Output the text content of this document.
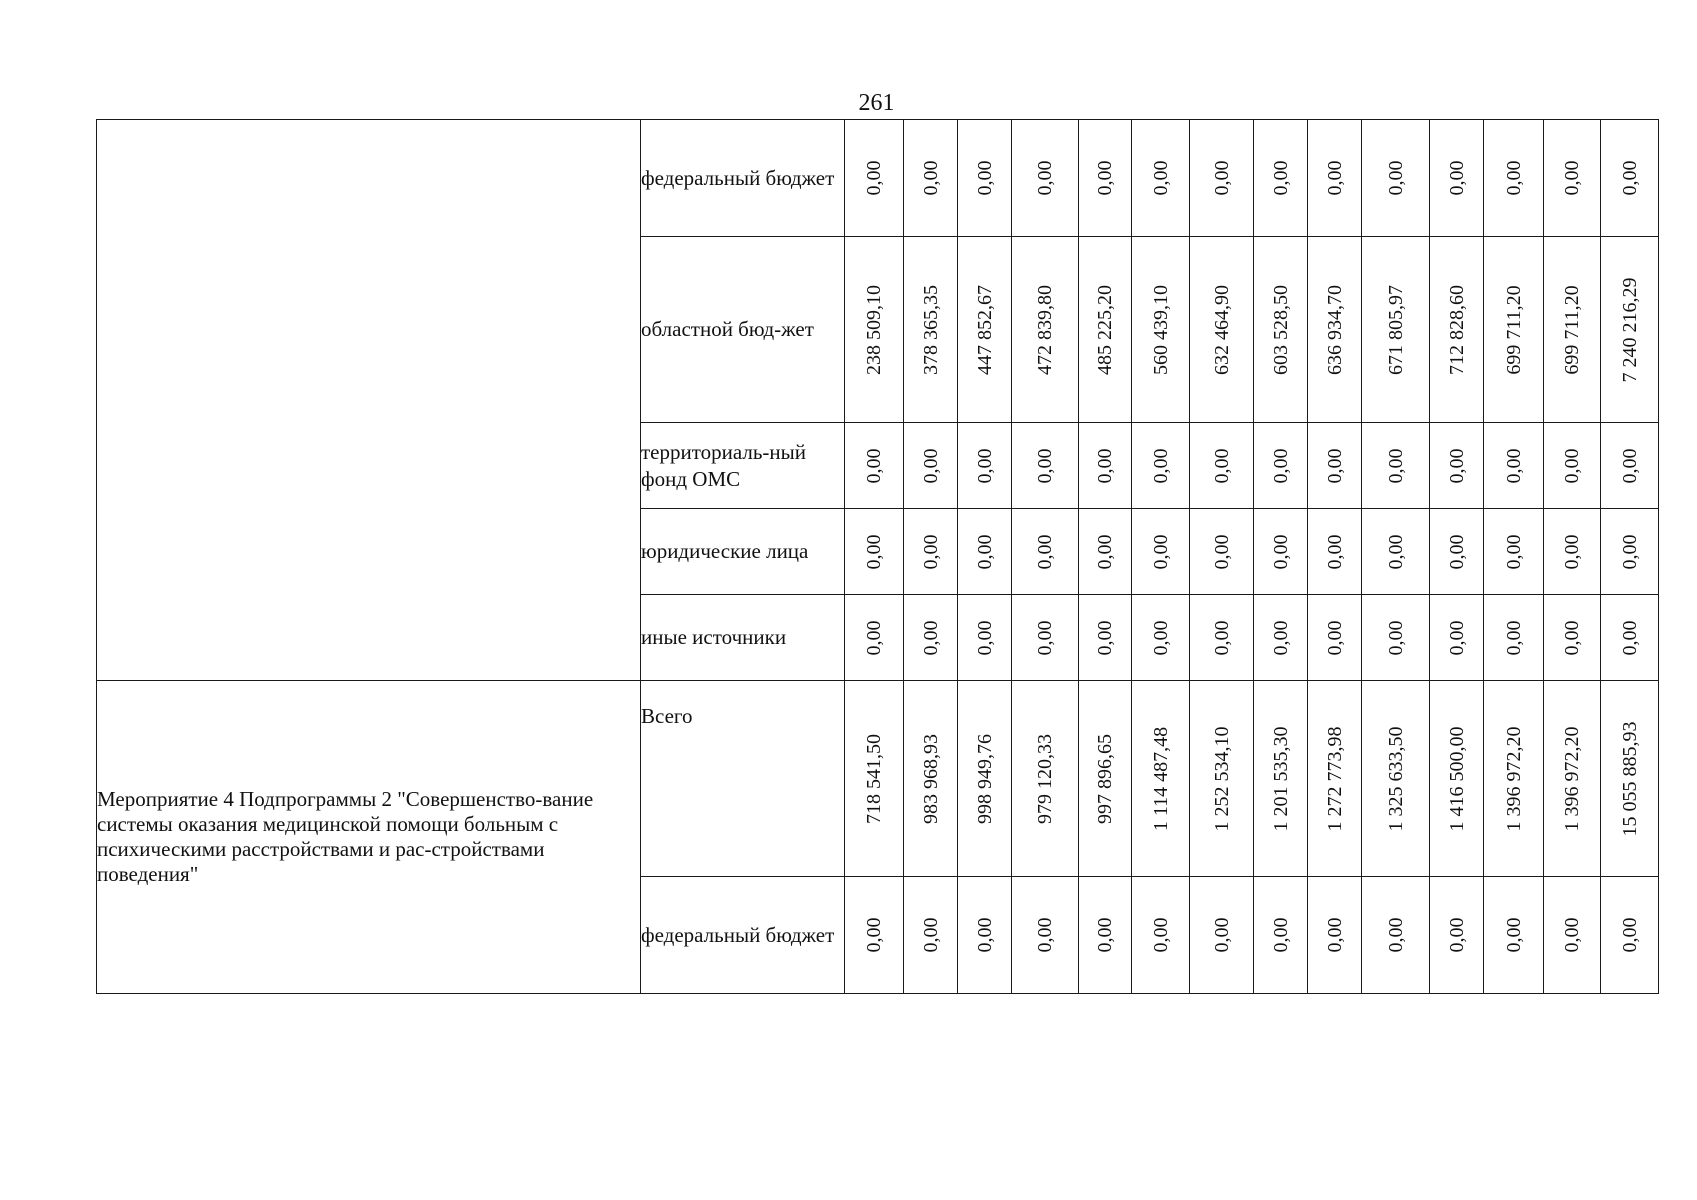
261
	федеральный бюджет	0,00	0,00	0,00	0,00	0,00	0,00	0,00	0,00	0,00	0,00	0,00	0,00	0,00	0,00

	областной бюд-жет	238 509,10	378 365,35	447 852,67	472 839,80	485 225,20	560 439,10	632 464,90	603 528,50	636 934,70	671 805,97	712 828,60	699 711,20	699 711,20	7 240 216,29

	территориаль-ный фонд ОМС	0,00	0,00	0,00	0,00	0,00	0,00	0,00	0,00	0,00	0,00	0,00	0,00	0,00	0,00

	юридические лица	0,00	0,00	0,00	0,00	0,00	0,00	0,00	0,00	0,00	0,00	0,00	0,00	0,00	0,00

	иные источники	0,00	0,00	0,00	0,00	0,00	0,00	0,00	0,00	0,00	0,00	0,00	0,00	0,00	0,00

Мероприятие 4 Подпрограммы 2 "Совершенство-вание системы оказания медицинской помощи больным с психическими расстройствами и рас-стройствами поведения"	Всего	718 541,50	983 968,93	998 949,76	979 120,33	997 896,65	1 114 487,48	1 252 534,10	1 201 535,30	1 272 773,98	1 325 633,50	1 416 500,00	1 396 972,20	1 396 972,20	15 055 885,93

	федеральный бюджет	0,00	0,00	0,00	0,00	0,00	0,00	0,00	0,00	0,00	0,00	0,00	0,00	0,00	0,00
